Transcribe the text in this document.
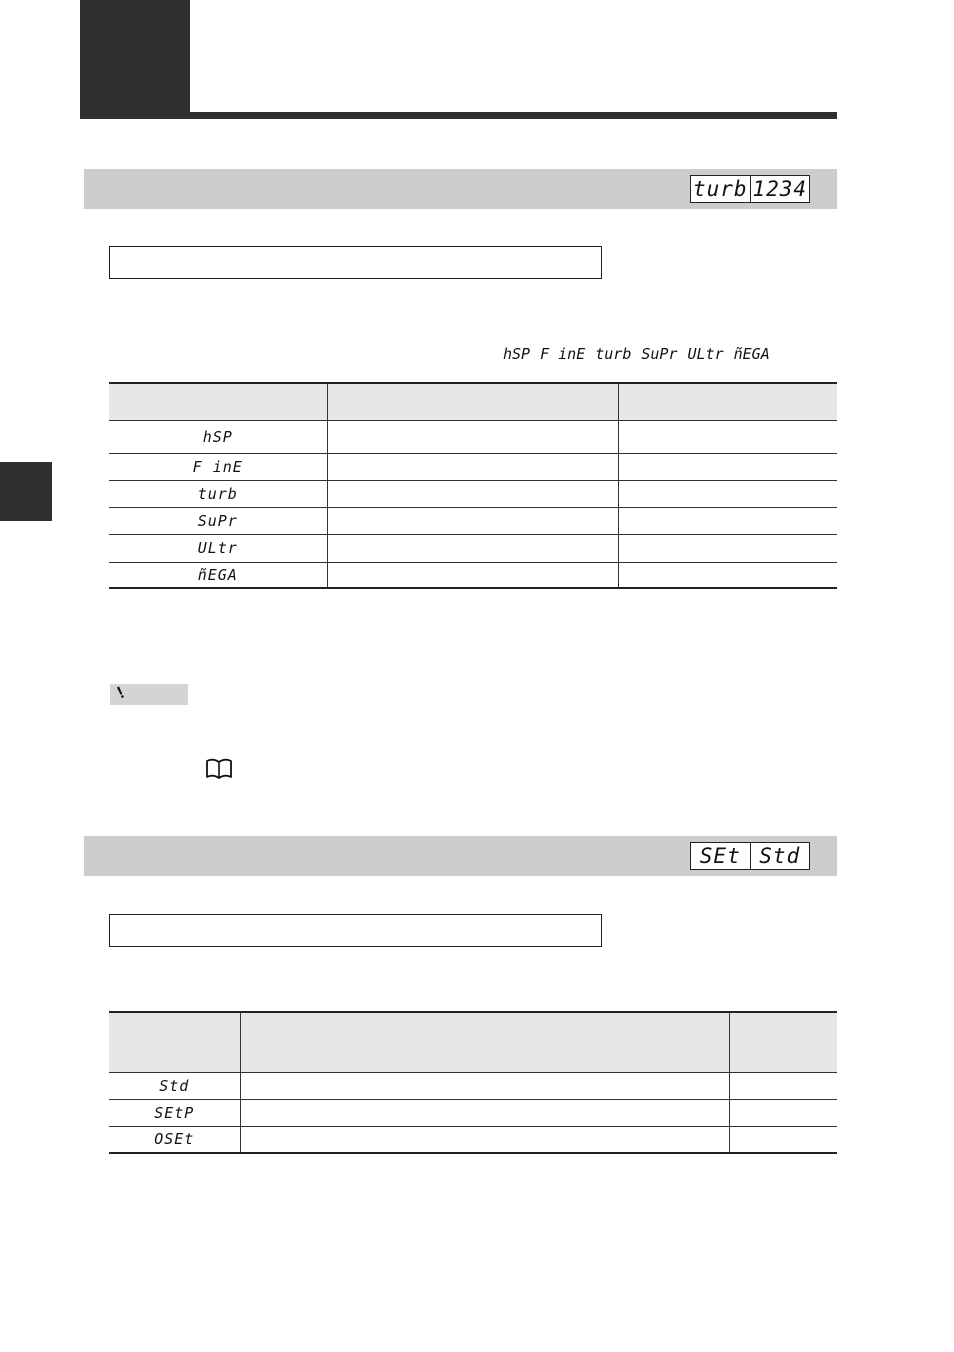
turb 1234
hSP F inE turb SuPr ULtr ñEGA

hSP		
F inE		
turb		
SuPr		
ULtr		
ñEGA		
!
SEt Std

Std		
SEtP		
OSEt		
